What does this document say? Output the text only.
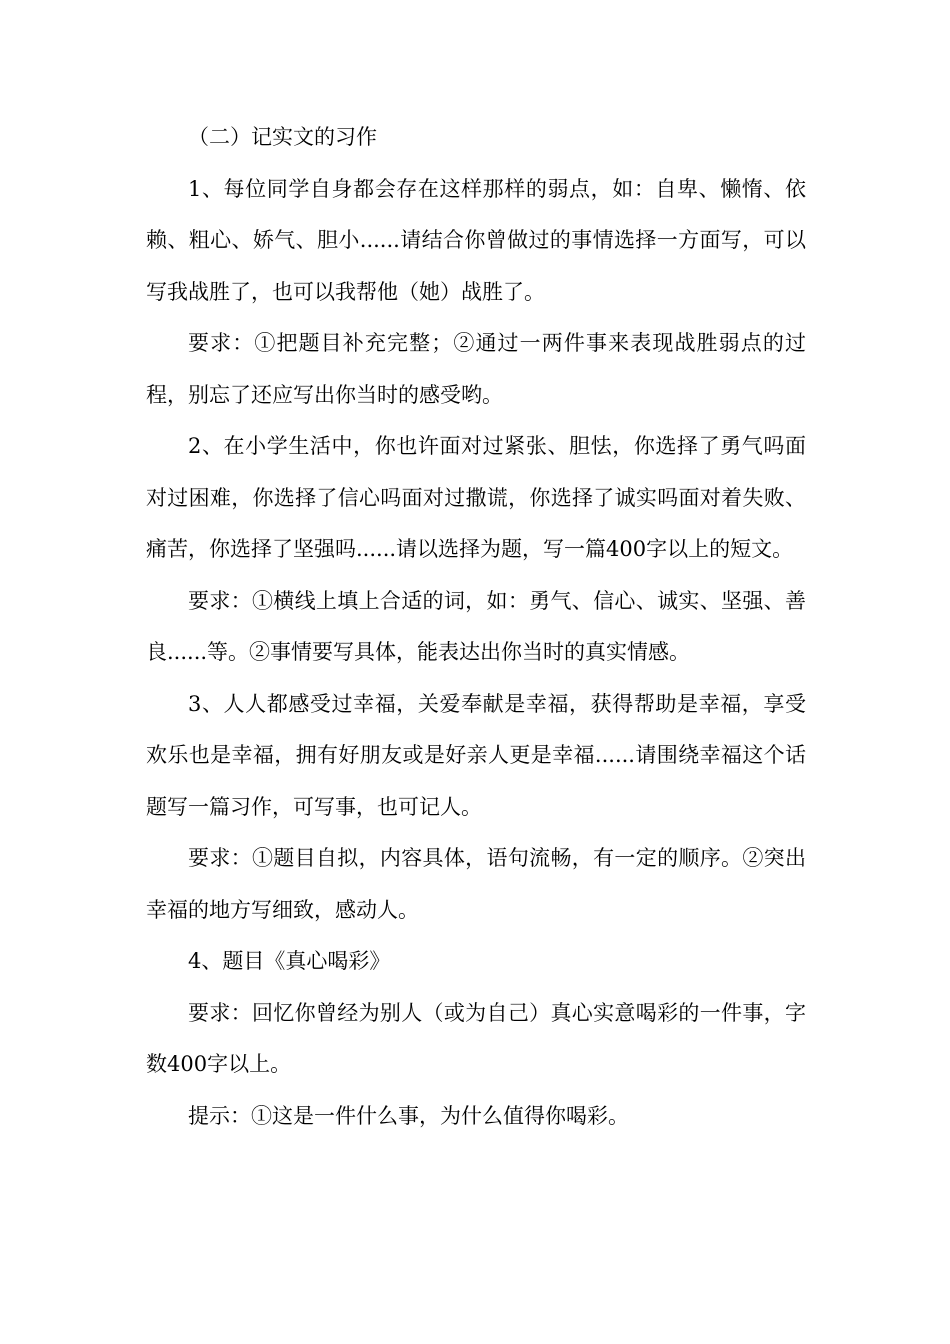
（二）记实文的习作

1、每位同学自身都会存在这样那样的弱点，如：自卑、懒惰、依赖、粗心、娇气、胆小......请结合你曾做过的事情选择一方面写，可以写我战胜了，也可以我帮他（她）战胜了。

要求：①把题目补充完整；②通过一两件事来表现战胜弱点的过程，别忘了还应写出你当时的感受哟。

2、在小学生活中，你也许面对过紧张、胆怯，你选择了勇气吗面对过困难，你选择了信心吗面对过撒谎，你选择了诚实吗面对着失败、痛苦，你选择了坚强吗......请以选择为题，写一篇400字以上的短文。

要求：①横线上填上合适的词，如：勇气、信心、诚实、坚强、善良......等。②事情要写具体，能表达出你当时的真实情感。

3、人人都感受过幸福，关爱奉献是幸福，获得帮助是幸福，享受欢乐也是幸福，拥有好朋友或是好亲人更是幸福......请围绕幸福这个话题写一篇习作，可写事，也可记人。

要求：①题目自拟，内容具体，语句流畅，有一定的顺序。②突出幸福的地方写细致，感动人。

4、题目《真心喝彩》

要求：回忆你曾经为别人（或为自己）真心实意喝彩的一件事，字数400字以上。

提示：①这是一件什么事，为什么值得你喝彩。
